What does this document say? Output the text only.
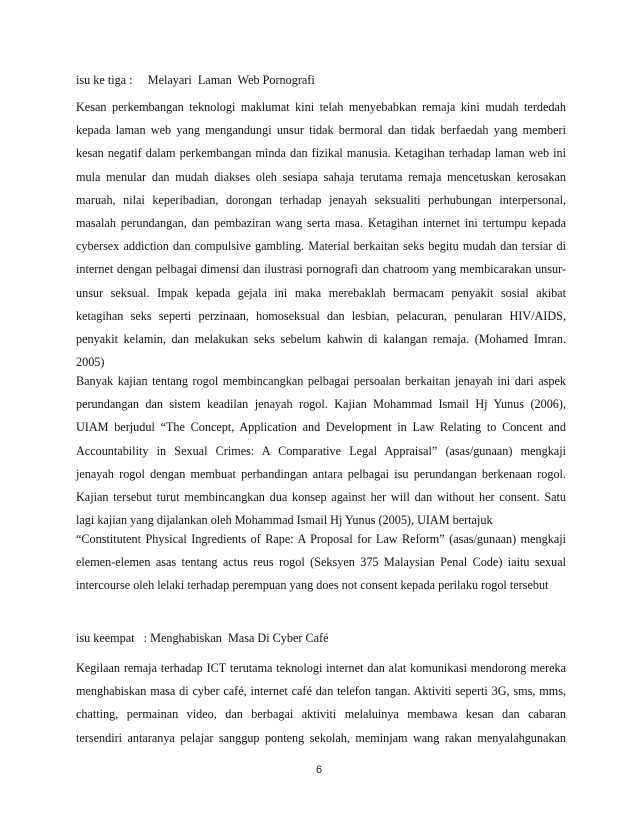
isu ke tiga :     Melayari  Laman  Web Pornografi
Kesan perkembangan teknologi maklumat kini telah menyebabkan remaja kini mudah terdedah
kepada laman web yang mengandungi unsur tidak bermoral dan tidak berfaedah yang memberi
kesan negatif dalam perkembangan minda dan fizikal manusia. Ketagihan terhadap laman web ini
mula menular dan mudah diakses oleh sesiapa sahaja terutama remaja mencetuskan kerosakan
maruah, nilai keperibadian, dorongan terhadap jenayah seksualiti perhubungan interpersonal,
masalah perundangan, dan pembaziran wang serta masa. Ketagihan internet ini tertumpu kepada
cybersex addiction dan compulsive gambling. Material berkaitan seks begitu mudah dan tersiar di
internet dengan pelbagai dimensi dan ilustrasi pornografi dan chatroom yang membicarakan unsur-
unsur seksual. Impak kepada gejala ini maka merebaklah bermacam penyakit sosial akibat
ketagihan seks seperti perzinaan, homoseksual dan lesbian, pelacuran, penularan HIV/AIDS,
penyakit kelamin, dan melakukan seks sebelum kahwin di kalangan remaja. (Mohamed Imran.
2005)
Banyak kajian tentang rogol membincangkan pelbagai persoalan berkaitan jenayah ini dari aspek
perundangan dan sistem keadilan jenayah rogol. Kajian Mohammad Ismail Hj Yunus (2006),
UIAM berjudul “The Concept, Application and Development in Law Relating to Concent and
Accountability in Sexual Crimes: A Comparative Legal Appraisal” (asas/gunaan) mengkaji
jenayah rogol dengan membuat perbandingan antara pelbagai isu perundangan berkenaan rogol.
Kajian tersebut turut membincangkan dua konsep against her will dan without her consent. Satu
lagi kajian yang dijalankan oleh Mohammad Ismail Hj Yunus (2005), UIAM bertajuk
“Constitutent Physical Ingredients of Rape: A Proposal for Law Reform” (asas/gunaan) mengkaji
elemen-elemen asas tentang actus reus rogol (Seksyen 375 Malaysian Penal Code) iaitu sexual
intercourse oleh lelaki terhadap perempuan yang does not consent kepada perilaku rogol tersebut
isu keempat   : Menghabiskan  Masa Di Cyber Café
Kegilaan remaja terhadap ICT terutama teknologi internet dan alat komunikasi mendorong mereka
menghabiskan masa di cyber café, internet café dan telefon tangan. Aktiviti seperti 3G, sms, mms,
chatting, permainan video, dan berbagai aktiviti melaluinya membawa kesan dan cabaran
tersendiri antaranya pelajar sanggup ponteng sekolah, meminjam wang rakan menyalahgunakan
6
